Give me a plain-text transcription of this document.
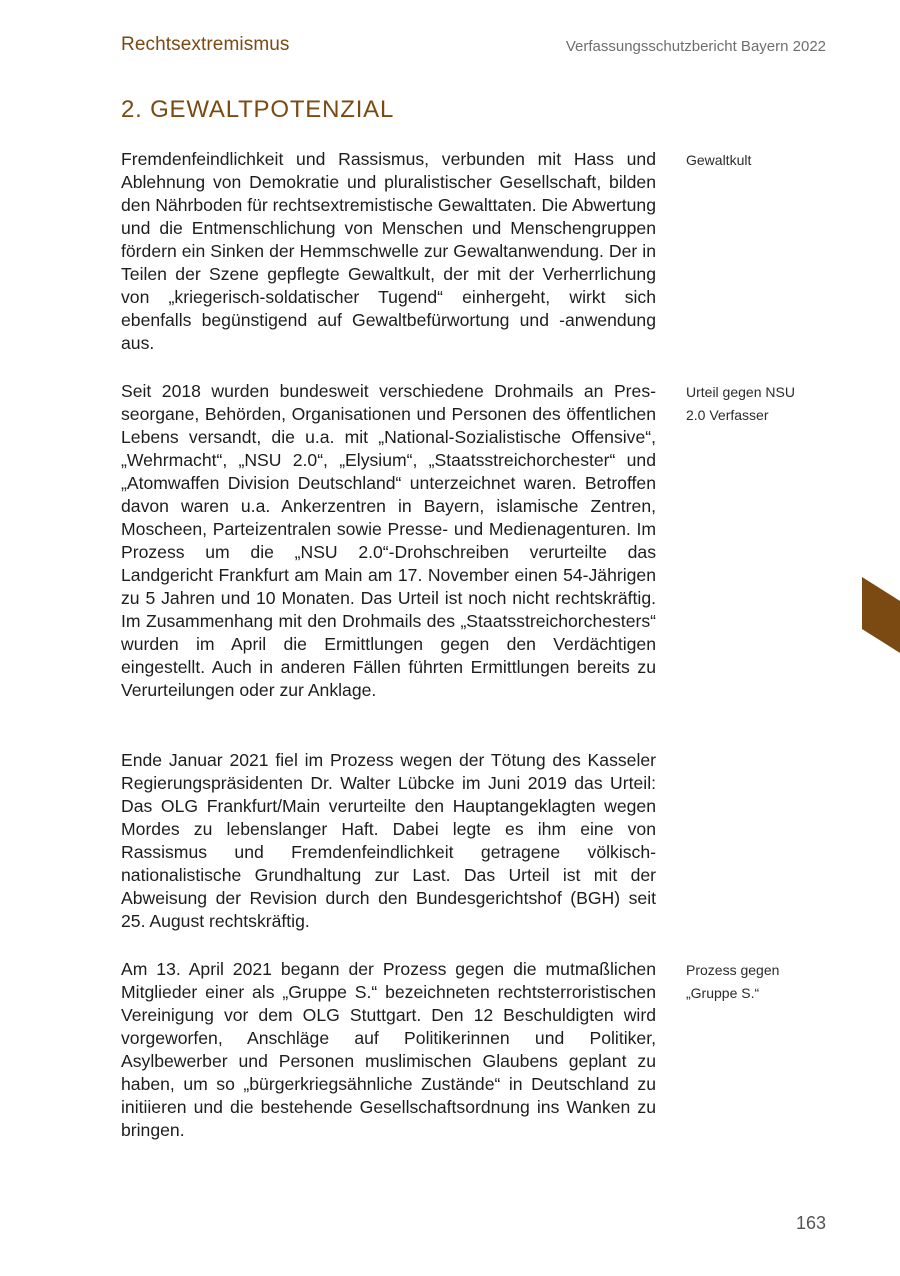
Rechtsextremismus	Verfassungsschutzbericht Bayern 2022
2. GEWALTPOTENZIAL

Fremdenfeindlichkeit und Rassismus, verbunden mit Hass und Ablehnung von Demokratie und pluralistischer Gesellschaft, bilden den Nährboden für rechtsextremistische Gewalttaten. Die Abwertung und die Entmenschlichung von Menschen und Menschengruppen fördern ein Sinken der Hemmschwelle zur Gewaltanwendung. Der in Teilen der Szene gepflegte Gewaltkult, der mit der Verherrlichung von „kriegerisch-soldatischer Tugend“ einhergeht, wirkt sich ebenfalls begünstigend auf Gewaltbefürwortung und -anwendung aus.

Gewaltkult

Seit 2018 wurden bundesweit verschiedene Drohmails an Presseorgane, Behörden, Organisationen und Personen des öffentlichen Lebens versandt, die u.a. mit „National-Sozialistische Offensive“, „Wehrmacht“, „NSU 2.0“, „Elysium“, „Staatsstreichorchester“ und „Atomwaffen Division Deutschland“ unterzeichnet waren. Betroffen davon waren u.a. Ankerzentren in Bayern, islamische Zentren, Moscheen, Parteizentralen sowie Presse- und Medienagenturen. Im Prozess um die „NSU 2.0“-Drohschreiben verurteilte das Landgericht Frankfurt am Main am 17. November einen 54-Jährigen zu 5 Jahren und 10 Monaten. Das Urteil ist noch nicht rechtskräftig. Im Zusammenhang mit den Drohmails des „Staatsstreichorchesters“ wurden im April die Ermittlungen gegen den Verdächtigen eingestellt. Auch in anderen Fällen führten Ermittlungen bereits zu Verurteilungen oder zur Anklage.

Urteil gegen NSU 2.0 Verfasser

Ende Januar 2021 fiel im Prozess wegen der Tötung des Kasseler Regierungspräsidenten Dr. Walter Lübcke im Juni 2019 das Urteil: Das OLG Frankfurt/Main verurteilte den Hauptangeklagten wegen Mordes zu lebenslanger Haft. Dabei legte es ihm eine von Rassismus und Fremdenfeindlichkeit getragene völkisch-nationalistische Grundhaltung zur Last. Das Urteil ist mit der Abweisung der Revision durch den Bundesgerichtshof (BGH) seit 25. August rechtskräftig.

Am 13. April 2021 begann der Prozess gegen die mutmaßlichen Mitglieder einer als „Gruppe S.“ bezeichneten rechtsterroristischen Vereinigung vor dem OLG Stuttgart. Den 12 Beschuldigten wird vorgeworfen, Anschläge auf Politikerinnen und Politiker, Asylbewerber und Personen muslimischen Glaubens geplant zu haben, um so „bürgerkriegsähnliche Zustände“ in Deutschland zu initiieren und die bestehende Gesellschaftsordnung ins Wanken zu bringen.

Prozess gegen „Gruppe S.“

163
